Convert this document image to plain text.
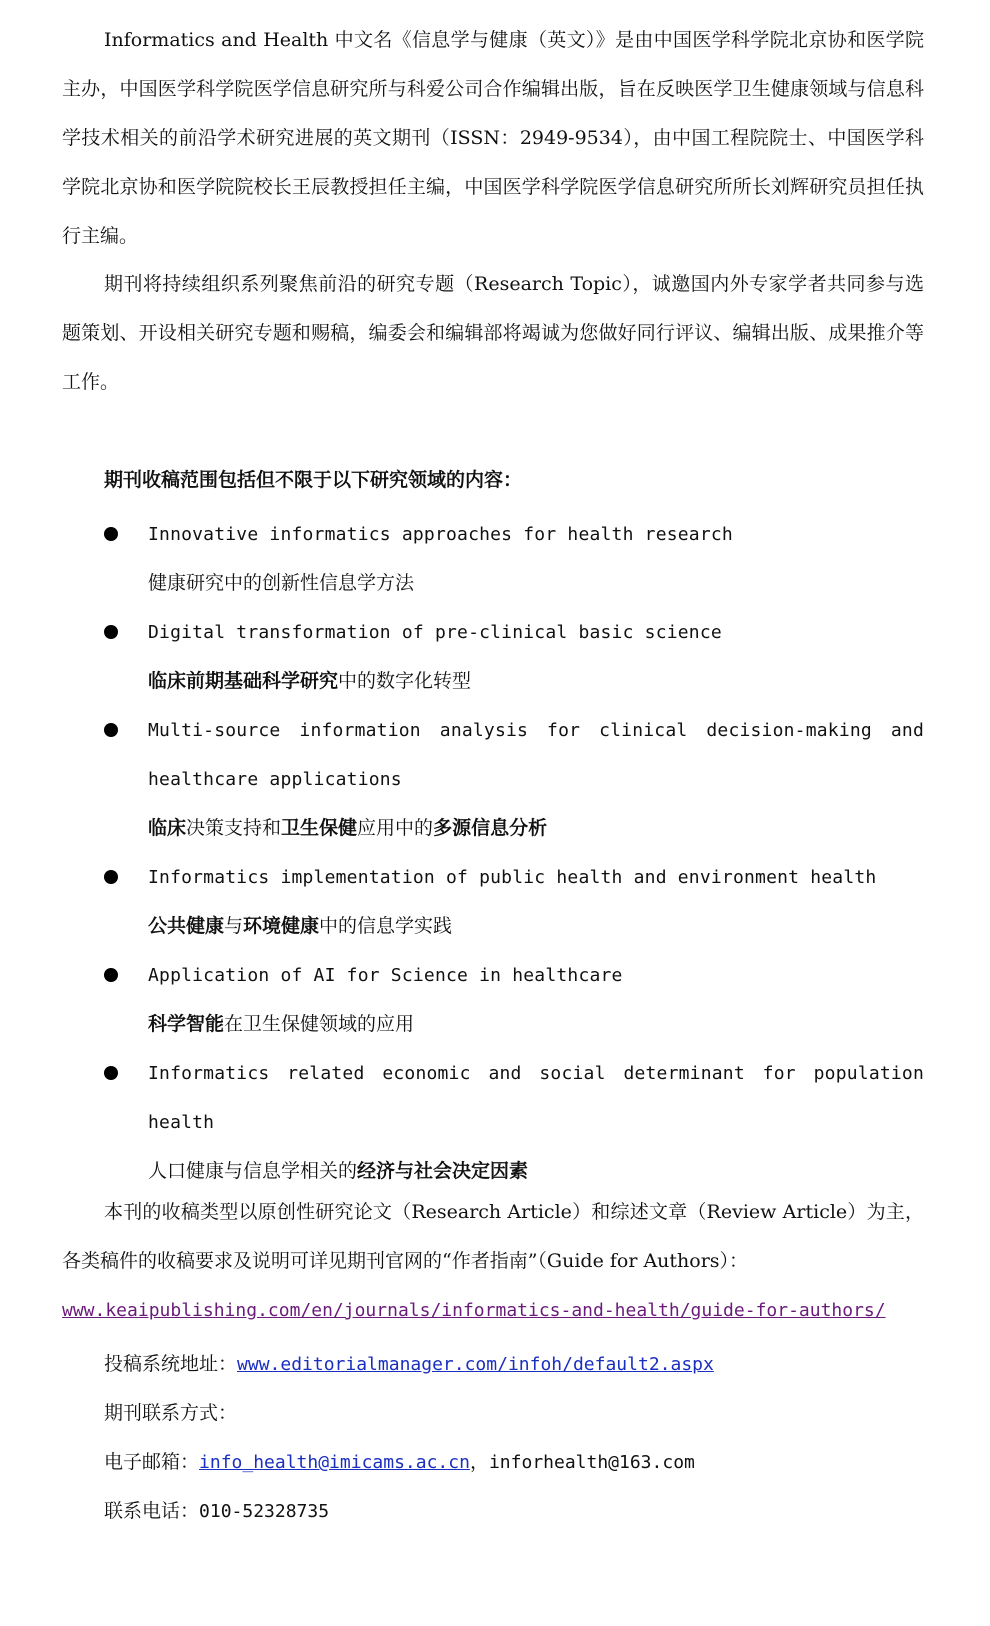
Informatics and Health 中文名《信息学与健康（英文）》是由中国医学科学院北京协和医学院主办，中国医学科学院医学信息研究所与科爱公司合作编辑出版，旨在反映医学卫生健康领域与信息科学技术相关的前沿学术研究进展的英文期刊（ISSN：2949-9534），由中国工程院院士、中国医学科学院北京协和医学院院校长王辰教授担任主编，中国医学科学院医学信息研究所所长刘辉研究员担任执行主编。

期刊将持续组织系列聚焦前沿的研究专题（Research Topic），诚邀国内外专家学者共同参与选题策划、开设相关研究专题和赐稿，编委会和编辑部将竭诚为您做好同行评议、编辑出版、成果推介等工作。

期刊收稿范围包括但不限于以下研究领域的内容：

Innovative informatics approaches for health research
健康研究中的创新性信息学方法
Digital transformation of pre-clinical basic science
临床前期基础科学研究中的数字化转型
Multi-source information analysis for clinical decision-making and healthcare applications
临床决策支持和卫生保健应用中的多源信息分析
Informatics implementation of public health and environment health
公共健康与环境健康中的信息学实践
Application of AI for Science in healthcare
科学智能在卫生保健领域的应用
Informatics related economic and social determinant for population health
人口健康与信息学相关的经济与社会决定因素

本刊的收稿类型以原创性研究论文（Research Article）和综述文章（Review Article）为主，各类稿件的收稿要求及说明可详见期刊官网的“作者指南”（Guide for Authors）：

www.keaipublishing.com/en/journals/informatics-and-health/guide-for-authors/

投稿系统地址：www.editorialmanager.com/infoh/default2.aspx

期刊联系方式：

电子邮箱：info_health@imicams.ac.cn，inforhealth@163.com

联系电话：010-52328735
